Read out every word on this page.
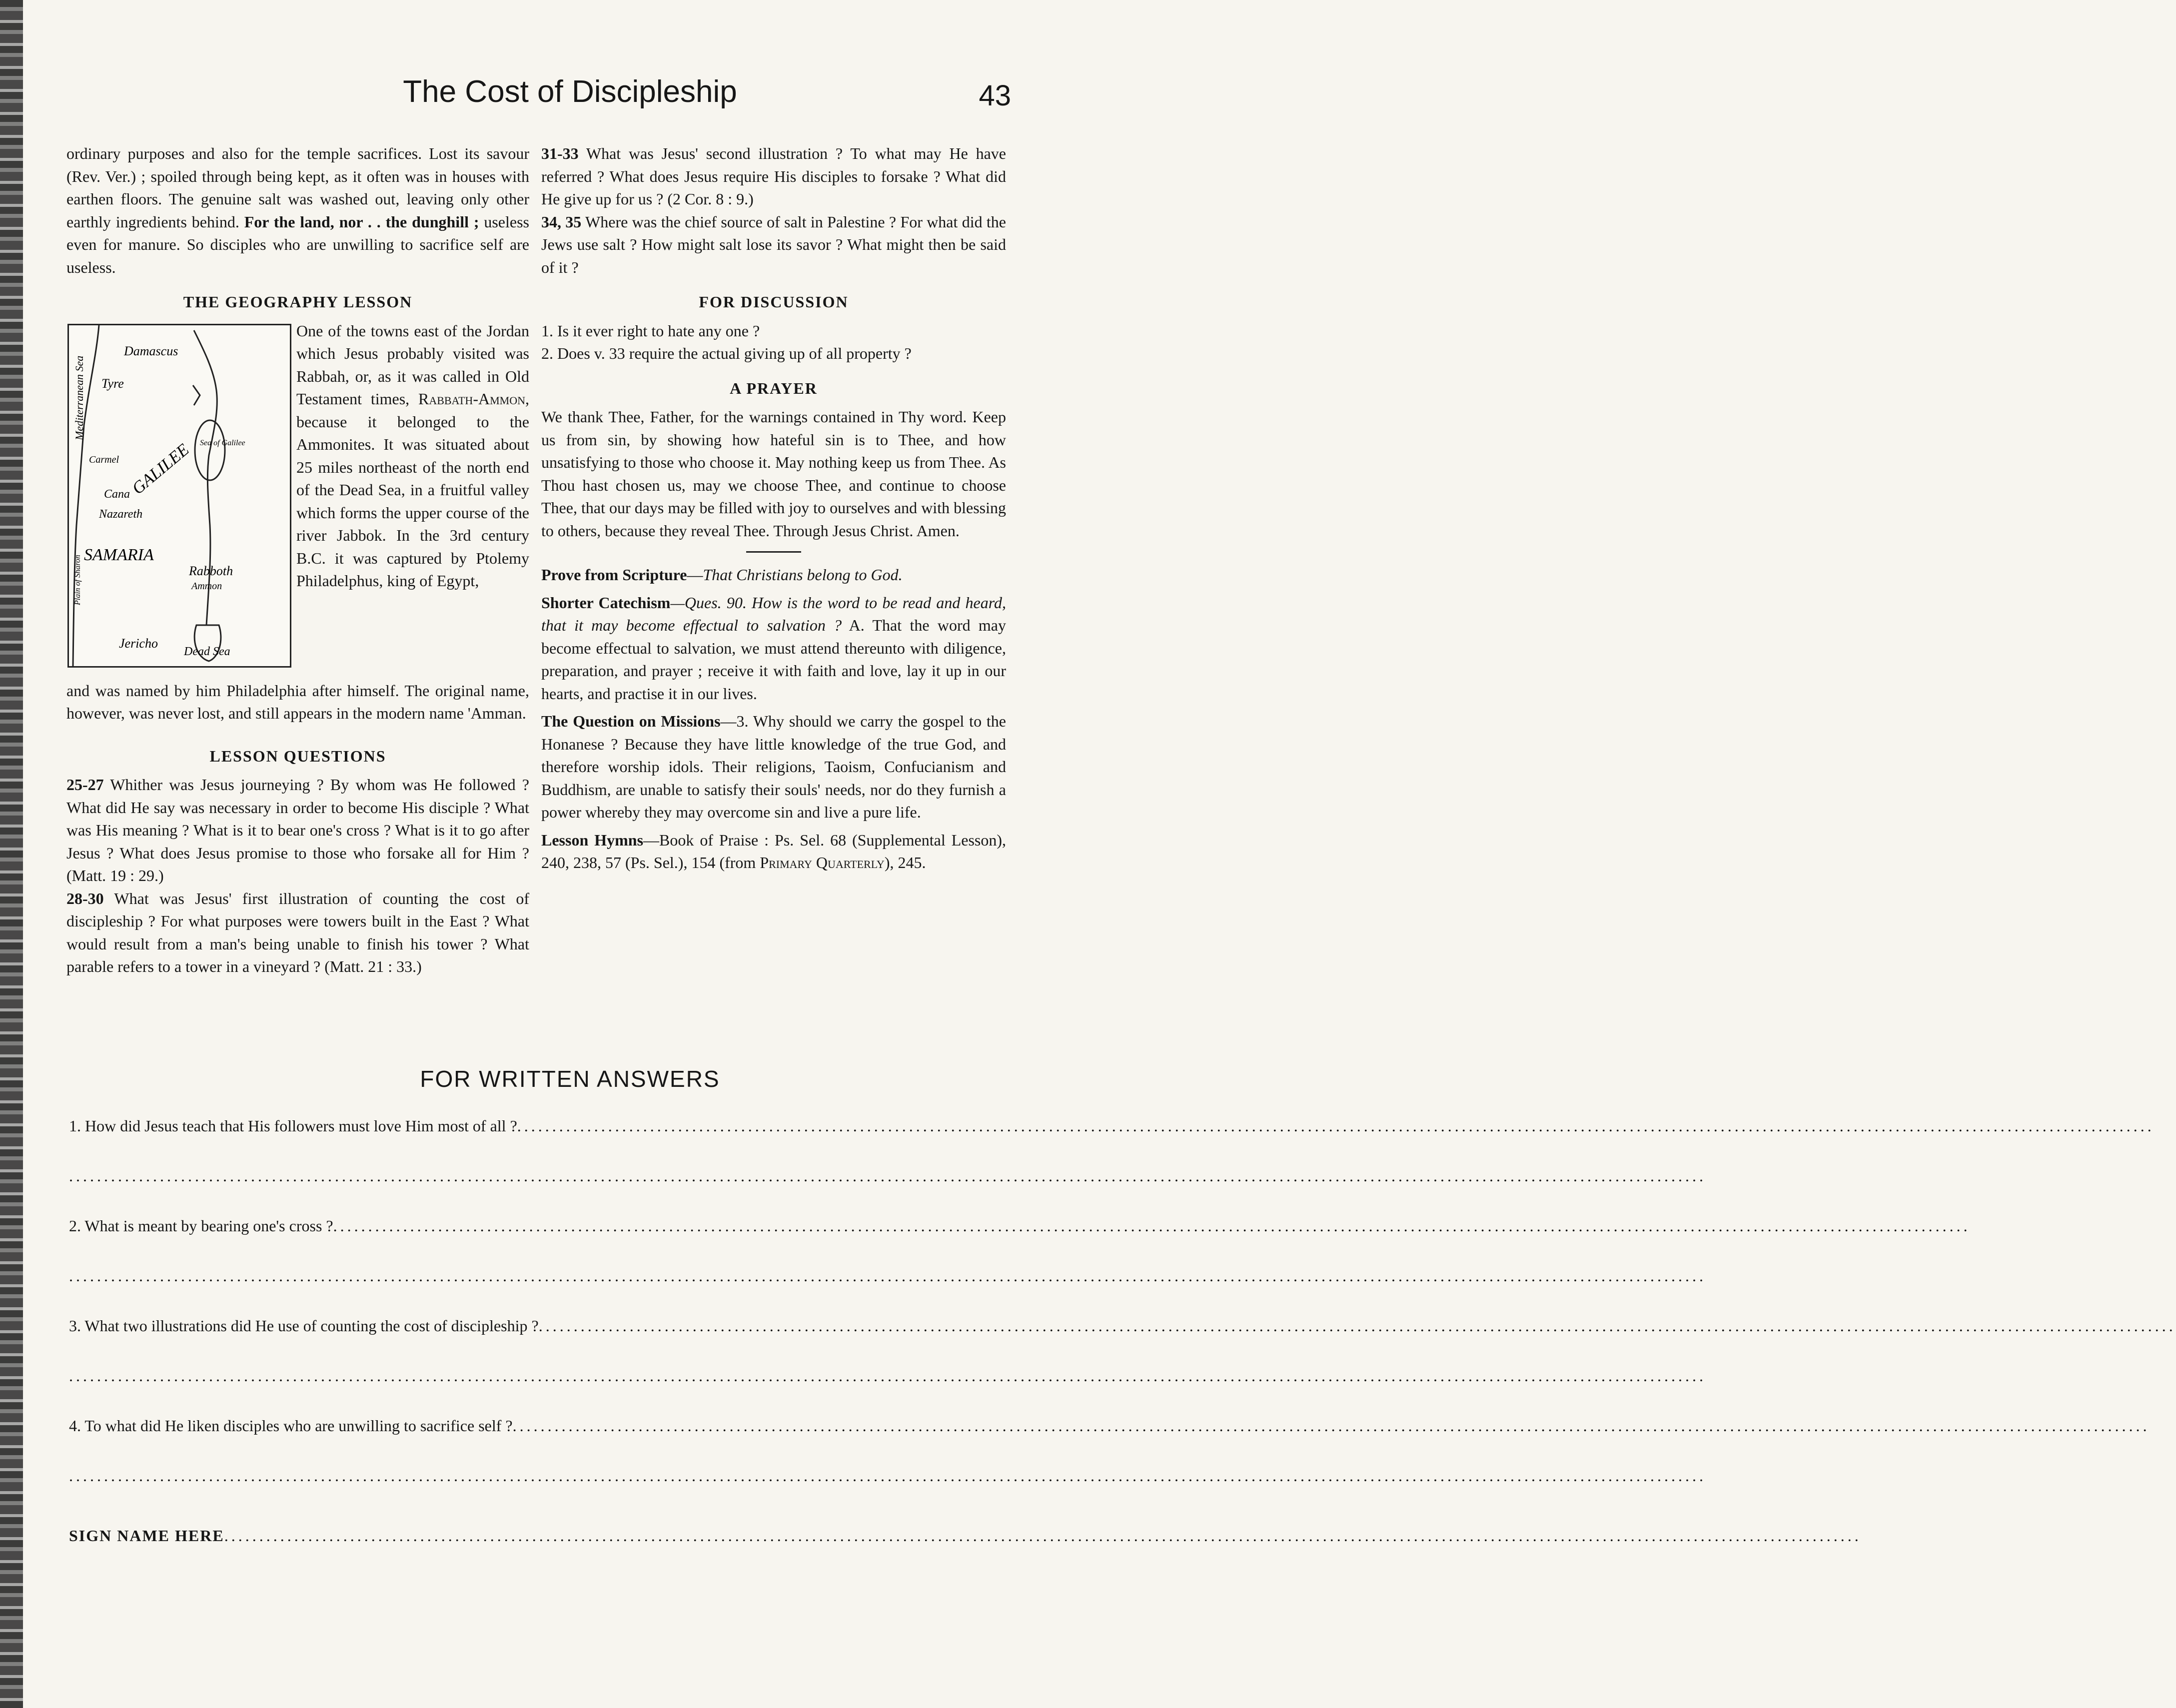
The Cost of Discipleship	43

ordinary purposes and also for the temple sacrifices. Lost its savour (Rev. Ver.) ; spoiled through being kept, as it often was in houses with earthen floors. The genuine salt was washed out, leaving only other earthly ingredients behind. For the land, nor . . the dunghill ; useless even for manure. So disciples who are unwilling to sacrifice self are useless.

THE GEOGRAPHY LESSON
Damascus
Tyre
Mediterranean Sea
Carmel
Sea of Galilee
GALILEE
Cana
Nazareth
Plain of Sharon SAMARIA
Rabboth
Ammon
Jericho
Dead Sea

One of the towns east of the Jordan which Jesus probably visited was Rabbah, or, as it was called in Old Testament times, Rabbath-Ammon, because it belonged to the Ammonites. It was situated about 25 miles northeast of the north end of the Dead Sea, in a fruitful valley which forms the upper course of the river Jabbok. In the 3rd century B.C. it was captured by Ptolemy Philadelphus, king of Egypt,

and was named by him Philadelphia after himself. The original name, however, was never lost, and still appears in the modern name 'Amman.

LESSON QUESTIONS

25-27 Whither was Jesus journeying ? By whom was He followed ? What did He say was necessary in order to become His disciple ? What was His meaning ? What is it to bear one's cross ? What is it to go after Jesus ? What does Jesus promise to those who forsake all for Him ? (Matt. 19 : 29.)

28-30 What was Jesus' first illustration of counting the cost of discipleship ? For what purposes were towers built in the East ? What would result from a man's being unable to finish his tower ? What parable refers to a tower in a vineyard ? (Matt. 21 : 33.)

31-33 What was Jesus' second illustration ? To what may He have referred ? What does Jesus require His disciples to forsake ? What did He give up for us ? (2 Cor. 8 : 9.)

34, 35 Where was the chief source of salt in Palestine ? For what did the Jews use salt ? How might salt lose its savor ? What might then be said of it ?

FOR DISCUSSION

1. Is it ever right to hate any one ?

2. Does v. 33 require the actual giving up of all property ?

A PRAYER

We thank Thee, Father, for the warnings contained in Thy word. Keep us from sin, by showing how hateful sin is to Thee, and how unsatisfying to those who choose it. May nothing keep us from Thee. As Thou hast chosen us, may we choose Thee, and continue to choose Thee, that our days may be filled with joy to ourselves and with blessing to others, because they reveal Thee. Through Jesus Christ. Amen.

Prove from Scripture—That Christians belong to God.

Shorter Catechism—Ques. 90. How is the word to be read and heard, that it may become effectual to salvation ? A. That the word may become effectual to salvation, we must attend thereunto with diligence, preparation, and prayer ; receive it with faith and love, lay it up in our hearts, and practise it in our lives.

The Question on Missions—3. Why should we carry the gospel to the Honanese ? Because they have little knowledge of the true God, and therefore worship idols. Their religions, Taoism, Confucianism and Buddhism, are unable to satisfy their souls' needs, nor do they furnish a power whereby they may overcome sin and live a pure life.

Lesson Hymns—Book of Praise : Ps. Sel. 68 (Supplemental Lesson), 240, 238, 57 (Ps. Sel.), 154 (from Primary Quarterly), 245.

FOR WRITTEN ANSWERS
1. How did Jesus teach that His followers must love Him most of all ?..........................................................................................................................................................................................................................................
..........................................................................................................................................................................................................................................
2. What is meant by bearing one's cross ?..........................................................................................................................................................................................................................................
..........................................................................................................................................................................................................................................
3. What two illustrations did He use of counting the cost of discipleship ?..........................................................................................................................................................................................................................................
..........................................................................................................................................................................................................................................
4. To what did He liken disciples who are unwilling to sacrifice self ?..........................................................................................................................................................................................................................................
..........................................................................................................................................................................................................................................
SIGN NAME HERE..........................................................................................................................................................................................................................................
